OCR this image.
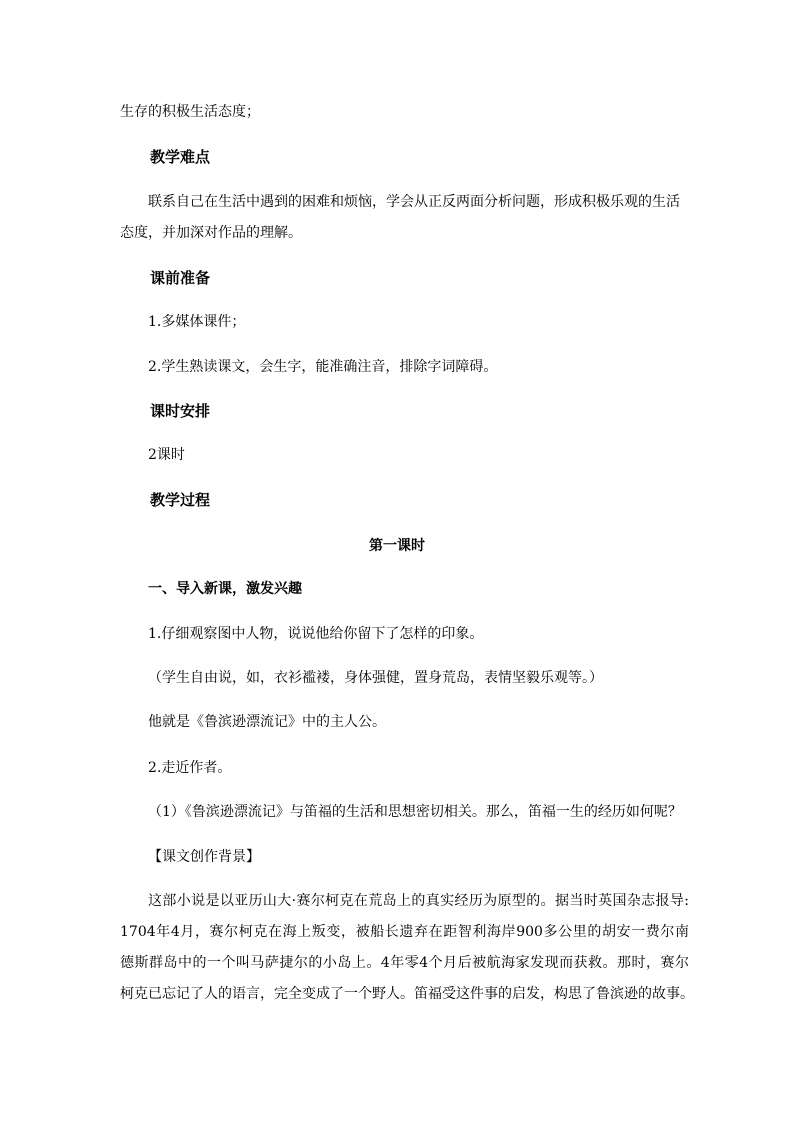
生存的积极生活态度；
教学难点
联系自己在生活中遇到的困难和烦恼，学会从正反两面分析问题，形成积极乐观的生活
态度，并加深对作品的理解。
课前准备
1.多媒体课件；
2.学生熟读课文，会生字，能准确注音，排除字词障碍。
课时安排
2课时
教学过程
第一课时
一、导入新课，激发兴趣
1.仔细观察图中人物，说说他给你留下了怎样的印象。
（学生自由说，如，衣衫褴褛，身体强健，置身荒岛，表情坚毅乐观等。）
他就是《鲁滨逊漂流记》中的主人公。
2.走近作者。
（1）《鲁滨逊漂流记》与笛福的生活和思想密切相关。那么，笛福一生的经历如何呢？
【课文创作背景】
这部小说是以亚历山大·赛尔柯克在荒岛上的真实经历为原型的。据当时英国杂志报导:
1704年4月，赛尔柯克在海上叛变，被船长遗弃在距智利海岸900多公里的胡安一费尔南
德斯群岛中的一个叫马萨捷尔的小岛上。4年零4个月后被航海家发现而获救。那时，赛尔
柯克已忘记了人的语言，完全变成了一个野人。笛福受这件事的启发，构思了鲁滨逊的故事。
